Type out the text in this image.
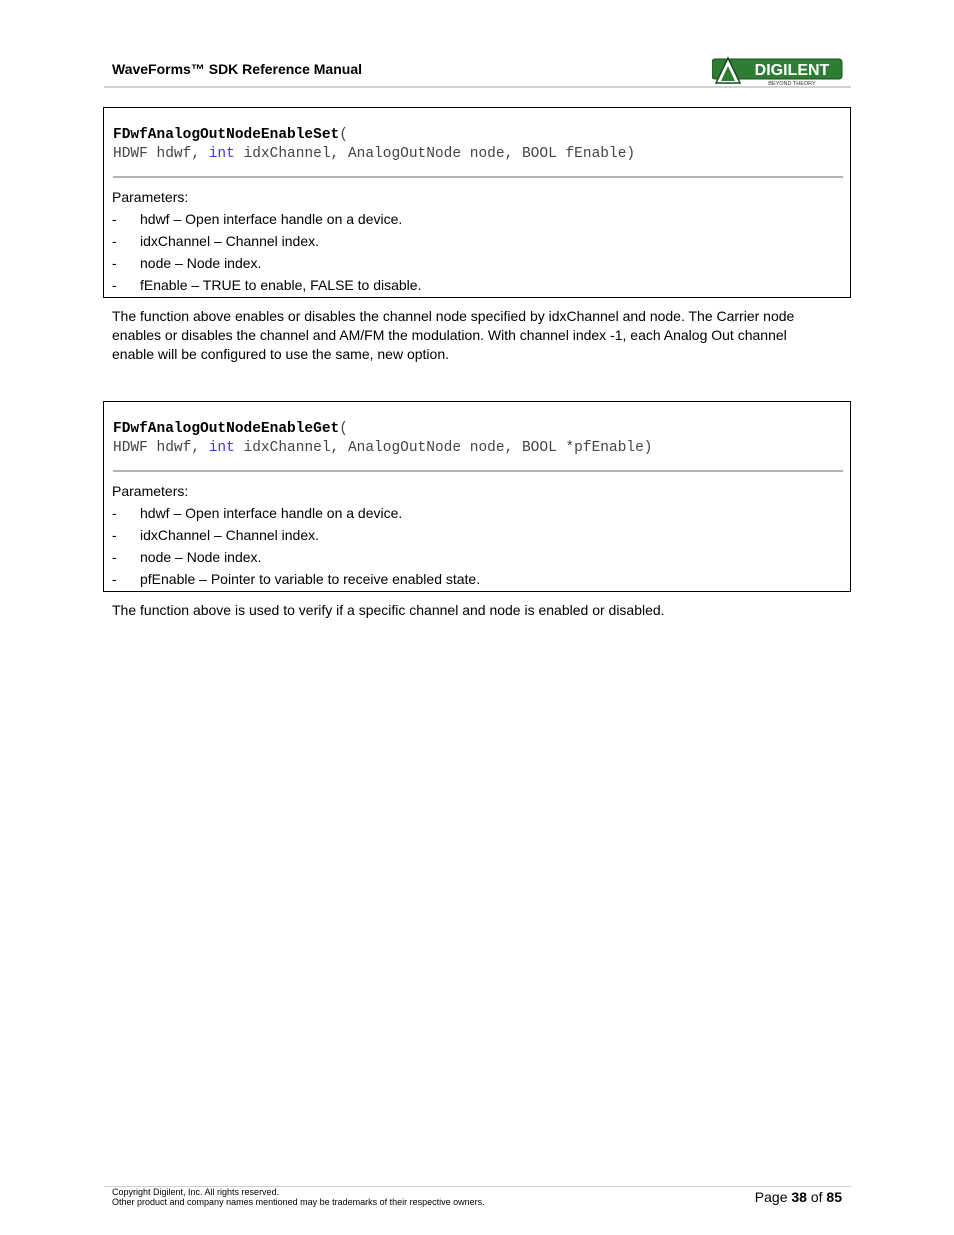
WaveForms™ SDK Reference Manual	DIGILENT
BEYOND THEORY
FDwfAnalogOutNodeEnableSet(
HDWF hdwf, int idxChannel, AnalogOutNode node, BOOL fEnable)
Parameters:
- hdwf – Open interface handle on a device.
- idxChannel – Channel index.
- node – Node index.
- fEnable – TRUE to enable, FALSE to disable.
The function above enables or disables the channel node specified by idxChannel and node. The Carrier node enables or disables the channel and AM/FM the modulation. With channel index -1, each Analog Out channel enable will be configured to use the same, new option.
FDwfAnalogOutNodeEnableGet(
HDWF hdwf, int idxChannel, AnalogOutNode node, BOOL *pfEnable)
Parameters:
- hdwf – Open interface handle on a device.
- idxChannel – Channel index.
- node – Node index.
- pfEnable – Pointer to variable to receive enabled state.
The function above is used to verify if a specific channel and node is enabled or disabled.
Copyright Digilent, Inc. All rights reserved.
Other product and company names mentioned may be trademarks of their respective owners.	Page 38 of 85
